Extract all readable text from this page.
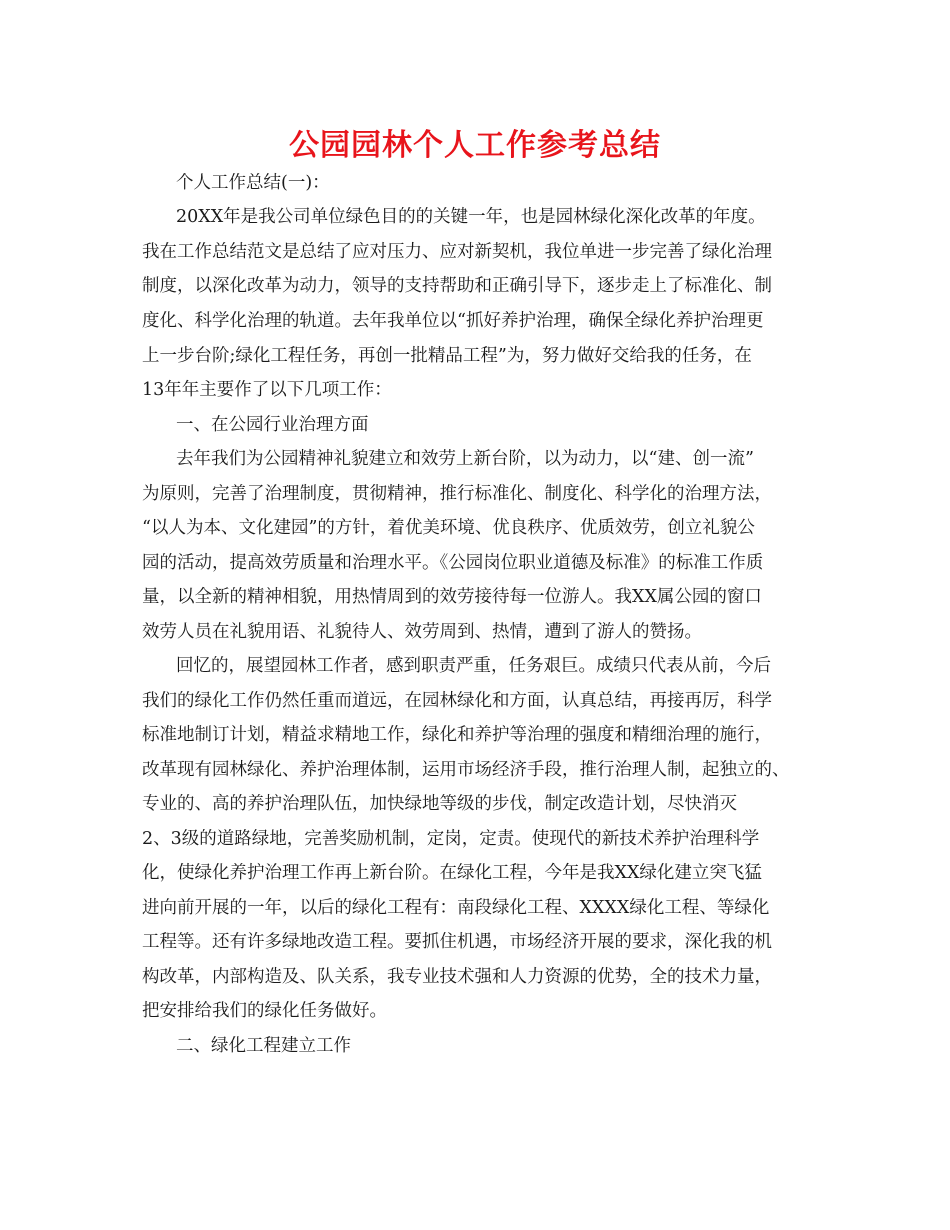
公园园林个人工作参考总结
个人工作总结(一)：
20XX年是我公司单位绿色目的的关键一年，也是园林绿化深化改革的年度。
我在工作总结范文是总结了应对压力、应对新契机，我位单进一步完善了绿化治理
制度，以深化改革为动力，领导的支持帮助和正确引导下，逐步走上了标准化、制
度化、科学化治理的轨道。去年我单位以“抓好养护治理，确保全绿化养护治理更
上一步台阶;绿化工程任务，再创一批精品工程”为，努力做好交给我的任务，在
13年年主要作了以下几项工作：
一、在公园行业治理方面
去年我们为公园精神礼貌建立和效劳上新台阶，以为动力，以“建、创一流”
为原则，完善了治理制度，贯彻精神，推行标准化、制度化、科学化的治理方法，
“以人为本、文化建园”的方针，着优美环境、优良秩序、优质效劳，创立礼貌公
园的活动，提高效劳质量和治理水平。《公园岗位职业道德及标准》的标准工作质
量，以全新的精神相貌，用热情周到的效劳接待每一位游人。我XX属公园的窗口
效劳人员在礼貌用语、礼貌待人、效劳周到、热情，遭到了游人的赞扬。
回忆的，展望园林工作者，感到职责严重，任务艰巨。成绩只代表从前，今后
我们的绿化工作仍然任重而道远，在园林绿化和方面，认真总结，再接再厉，科学
标准地制订计划，精益求精地工作，绿化和养护等治理的强度和精细治理的施行，
改革现有园林绿化、养护治理体制，运用市场经济手段，推行治理人制，起独立的、
专业的、高的养护治理队伍，加快绿地等级的步伐，制定改造计划，尽快消灭
2、3级的道路绿地，完善奖励机制，定岗，定责。使现代的新技术养护治理科学
化，使绿化养护治理工作再上新台阶。在绿化工程，今年是我XX绿化建立突飞猛
进向前开展的一年，以后的绿化工程有：南段绿化工程、XXXX绿化工程、等绿化
工程等。还有许多绿地改造工程。要抓住机遇，市场经济开展的要求，深化我的机
构改革，内部构造及、队关系，我专业技术强和人力资源的优势，全的技术力量，
把安排给我们的绿化任务做好。
二、绿化工程建立工作
